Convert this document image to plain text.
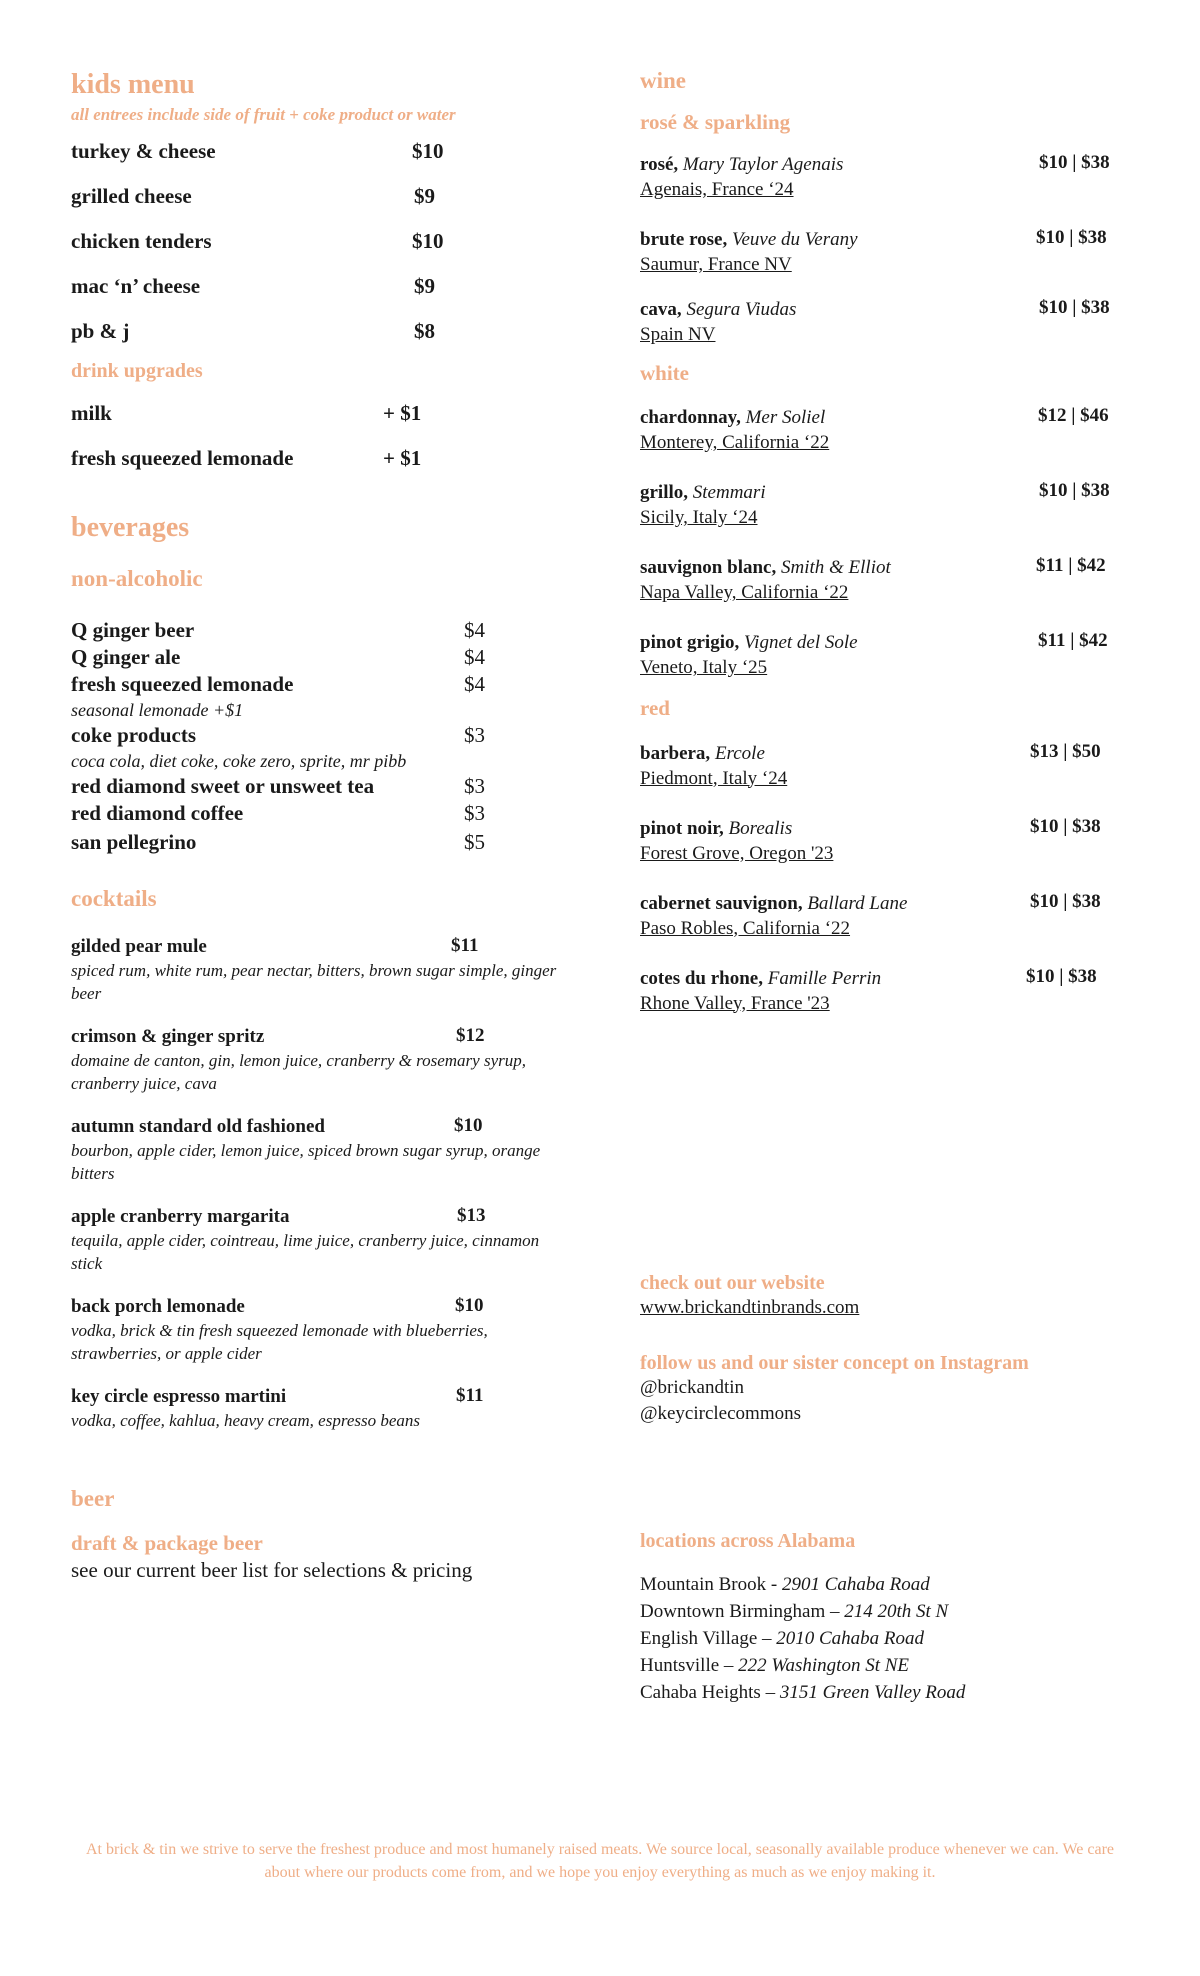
kids menu
all entrees include side of fruit + coke product or water
turkey & cheese	$10
grilled cheese	$9
chicken tenders	$10
mac ‘n’ cheese	$9
pb & j	$8
drink upgrades
milk	+ $1
fresh squeezed lemonade	+ $1
beverages
non-alcoholic
Q ginger beer	$4
Q ginger ale	$4
fresh squeezed lemonade	$4
seasonal lemonade +$1
coke products	$3
coca cola, diet coke, coke zero, sprite, mr pibb
red diamond sweet or unsweet tea	$3
red diamond coffee	$3
san pellegrino	$5
cocktails
gilded pear mule	$11
spiced rum, white rum, pear nectar, bitters, brown sugar simple, ginger beer
crimson & ginger spritz	$12
domaine de canton, gin, lemon juice, cranberry & rosemary syrup, cranberry juice, cava
autumn standard old fashioned	$10
bourbon, apple cider, lemon juice, spiced brown sugar syrup, orange bitters
apple cranberry margarita	$13
tequila, apple cider, cointreau, lime juice, cranberry juice, cinnamon stick
back porch lemonade	$10
vodka, brick & tin fresh squeezed lemonade with blueberries, strawberries, or apple cider
key circle espresso martini	$11
vodka, coffee, kahlua, heavy cream, espresso beans
beer
draft & package beer
see our current beer list for selections & pricing
wine
rosé & sparkling
rosé, Mary Taylor Agenais
Agenais, France ‘24
$10 | $38
brute rose, Veuve du Verany
Saumur, France NV
$10 | $38
cava, Segura Viudas
Spain NV
$10 | $38
white
chardonnay, Mer Soliel
Monterey, California ‘22
$12 | $46
grillo, Stemmari
Sicily, Italy ‘24
$10 | $38
sauvignon blanc, Smith & Elliot
Napa Valley, California ‘22
$11 | $42
pinot grigio, Vignet del Sole
Veneto, Italy ‘25
$11 | $42
red
barbera, Ercole
Piedmont, Italy ‘24
$13 | $50
pinot noir, Borealis
Forest Grove, Oregon '23
$10 | $38
cabernet sauvignon, Ballard Lane
Paso Robles, California ‘22
$10 | $38
cotes du rhone, Famille Perrin
Rhone Valley, France '23
$10 | $38
check out our website
www.brickandtinbrands.com
follow us and our sister concept on Instagram
@brickandtin
@keycirclecommons
locations across Alabama
Mountain Brook - 2901 Cahaba Road
Downtown Birmingham – 214 20th St N
English Village – 2010 Cahaba Road
Huntsville – 222 Washington St NE
Cahaba Heights – 3151 Green Valley Road
At brick & tin we strive to serve the freshest produce and most humanely raised meats. We source local, seasonally available produce whenever we can. We care about where our products come from, and we hope you enjoy everything as much as we enjoy making it.
